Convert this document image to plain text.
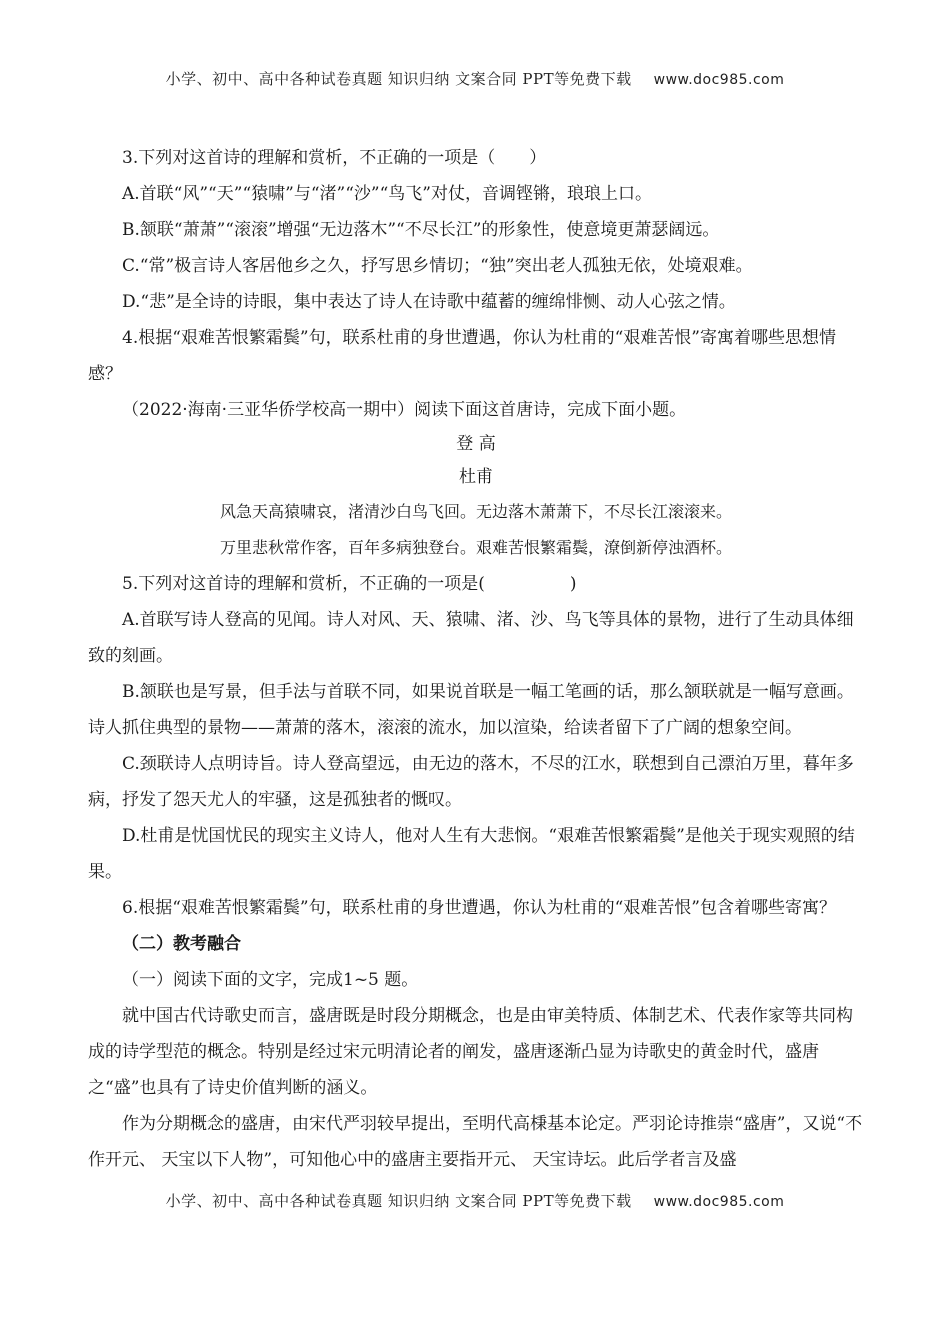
小学、初中、高中各种试卷真题 知识归纳 文案合同 PPT等免费下载 www.doc985.com

3.下列对这首诗的理解和赏析，不正确的一项是（　　）

A.首联“风”“天”“猿啸”与“渚”“沙”“鸟飞”对仗，音调铿锵，琅琅上口。

B.颔联“萧萧”“滚滚”增强“无边落木”“不尽长江”的形象性，使意境更萧瑟阔远。

C.“常”极言诗人客居他乡之久，抒写思乡情切；“独”突出老人孤独无依，处境艰难。

D.“悲”是全诗的诗眼，集中表达了诗人在诗歌中蕴蓄的缠绵悱恻、动人心弦之情。

4.根据“艰难苦恨繁霜鬓”句，联系杜甫的身世遭遇，你认为杜甫的“艰难苦恨”寄寓着哪些思想情感？

（2022·海南·三亚华侨学校高一期中）阅读下面这首唐诗，完成下面小题。

登 高

杜甫

风急天高猿啸哀，渚清沙白鸟飞回。无边落木萧萧下，不尽长江滚滚来。

万里悲秋常作客，百年多病独登台。艰难苦恨繁霜鬓，潦倒新停浊酒杯。

5.下列对这首诗的理解和赏析，不正确的一项是(　　　　　)

A.首联写诗人登高的见闻。诗人对风、天、猿啸、渚、沙、鸟飞等具体的景物，进行了生动具体细致的刻画。

B.颔联也是写景，但手法与首联不同，如果说首联是一幅工笔画的话，那么颔联就是一幅写意画。诗人抓住典型的景物——萧萧的落木，滚滚的流水，加以渲染，给读者留下了广阔的想象空间。

C.颈联诗人点明诗旨。诗人登高望远，由无边的落木，不尽的江水，联想到自己漂泊万里，暮年多病，抒发了怨天尤人的牢骚，这是孤独者的慨叹。

D.杜甫是忧国忧民的现实主义诗人，他对人生有大悲悯。“艰难苦恨繁霜鬓”是他关于现实观照的结果。

6.根据“艰难苦恨繁霜鬓”句，联系杜甫的身世遭遇，你认为杜甫的“艰难苦恨”包含着哪些寄寓？

（二）教考融合

（一）阅读下面的文字，完成1~5 题。

就中国古代诗歌史而言，盛唐既是时段分期概念，也是由审美特质、体制艺术、代表作家等共同构成的诗学型范的概念。特别是经过宋元明清论者的阐发，盛唐逐渐凸显为诗歌史的黄金时代，盛唐之“盛”也具有了诗史价值判断的涵义。

作为分期概念的盛唐，由宋代严羽较早提出，至明代高棅基本论定。严羽论诗推崇“盛唐”，又说“不作开元、 天宝以下人物”，可知他心中的盛唐主要指开元、 天宝诗坛。此后学者言及盛

小学、初中、高中各种试卷真题 知识归纳 文案合同 PPT等免费下载 www.doc985.com
